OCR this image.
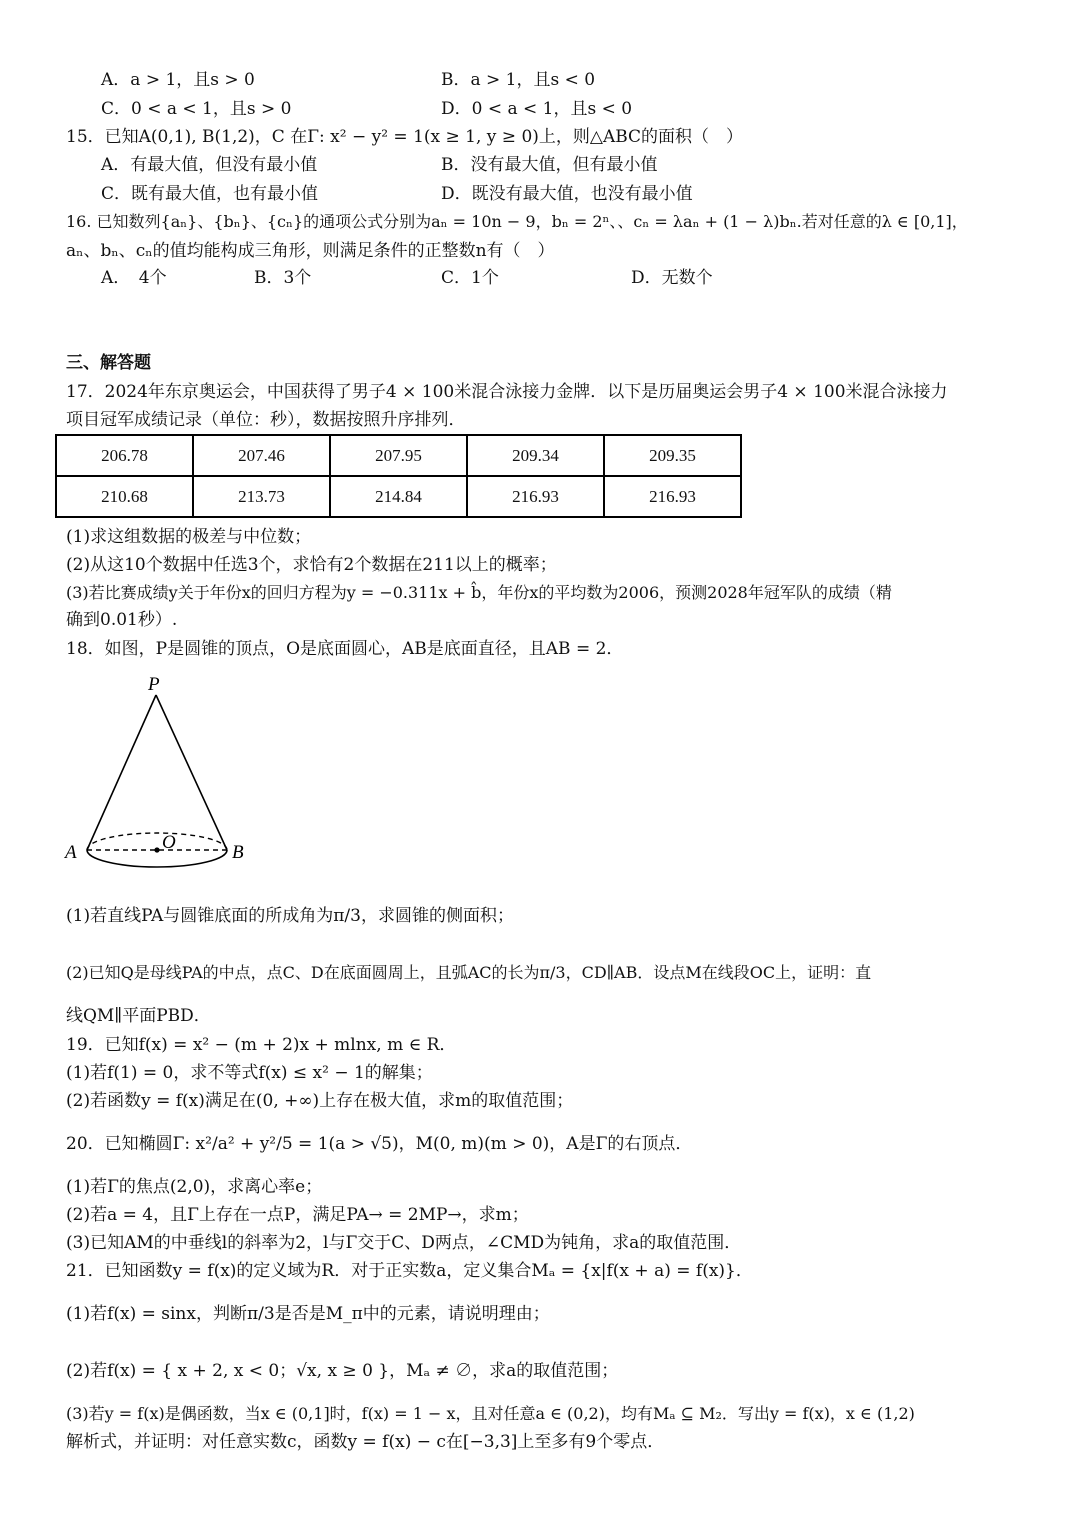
A．a > 1，且s > 0	B．a > 1，且s < 0
C．0 < a < 1，且s > 0	D．0 < a < 1，且s < 0
15．已知A(0,1), B(1,2)，C 在Γ: x² − y² = 1(x ≥ 1, y ≥ 0)上，则△ABC的面积（　）
A．有最大值，但没有最小值	B．没有最大值，但有最小值
C．既有最大值，也有最小值	D．既没有最大值，也没有最小值
16. 已知数列{aₙ}、{bₙ}、{cₙ}的通项公式分别为aₙ = 10n − 9，bₙ = 2ⁿ、、cₙ = λaₙ + (1 − λ)bₙ.若对任意的λ ∈ [0,1]，
aₙ、bₙ、cₙ的值均能构成三角形，则满足条件的正整数n有（　）
A．　4个	B．3个	C．1个	D．无数个
三、解答题
17．2024年东京奥运会，中国获得了男子4 × 100米混合泳接力金牌．以下是历届奥运会男子4 × 100米混合泳接力
项目冠军成绩记录（单位：秒），数据按照升序排列．
206.78	207.46	207.95	209.34	209.35
210.68	213.73	214.84	216.93	216.93
(1)求这组数据的极差与中位数；
(2)从这10个数据中任选3个，求恰有2个数据在211以上的概率；
(3)若比赛成绩y关于年份x的回归方程为y = −0.311x + b̂，年份x的平均数为2006，预测2028年冠军队的成绩（精
确到0.01秒）.
18．如图，P是圆锥的顶点，O是底面圆心，AB是底面直径，且AB = 2．
P
A	O	B
(1)若直线PA与圆锥底面的所成角为π/3，求圆锥的侧面积；
(2)已知Q是母线PA的中点，点C、D在底面圆周上，且弧AC的长为π/3，CD∥AB．设点M在线段OC上，证明：直
线QM∥平面PBD．
19．已知f(x) = x² − (m + 2)x + mlnx, m ∈ R．
(1)若f(1) = 0，求不等式f(x) ≤ x² − 1的解集；
(2)若函数y = f(x)满足在(0, +∞)上存在极大值，求m的取值范围；
20．已知椭圆Γ: x²/a² + y²/5 = 1(a > √5)，M(0, m)(m > 0)，A是Γ的右顶点．
(1)若Γ的焦点(2,0)，求离心率e；
(2)若a = 4，且Γ上存在一点P，满足PA→ = 2MP→，求m；
(3)已知AM的中垂线l的斜率为2，l与Γ交于C、D两点，∠CMD为钝角，求a的取值范围．
21．已知函数y = f(x)的定义域为R．对于正实数a，定义集合Mₐ = {x|f(x + a) = f(x)}．
(1)若f(x) = sinx，判断π/3是否是M_π中的元素，请说明理由；
(2)若f(x) = { x + 2, x < 0；√x, x ≥ 0 }，Mₐ ≠ ∅，求a的取值范围；
(3)若y = f(x)是偶函数，当x ∈ (0,1]时，f(x) = 1 − x，且对任意a ∈ (0,2)，均有Mₐ ⊆ M₂．写出y = f(x)，x ∈ (1,2)
解析式，并证明：对任意实数c，函数y = f(x) − c在[−3,3]上至多有9个零点．
